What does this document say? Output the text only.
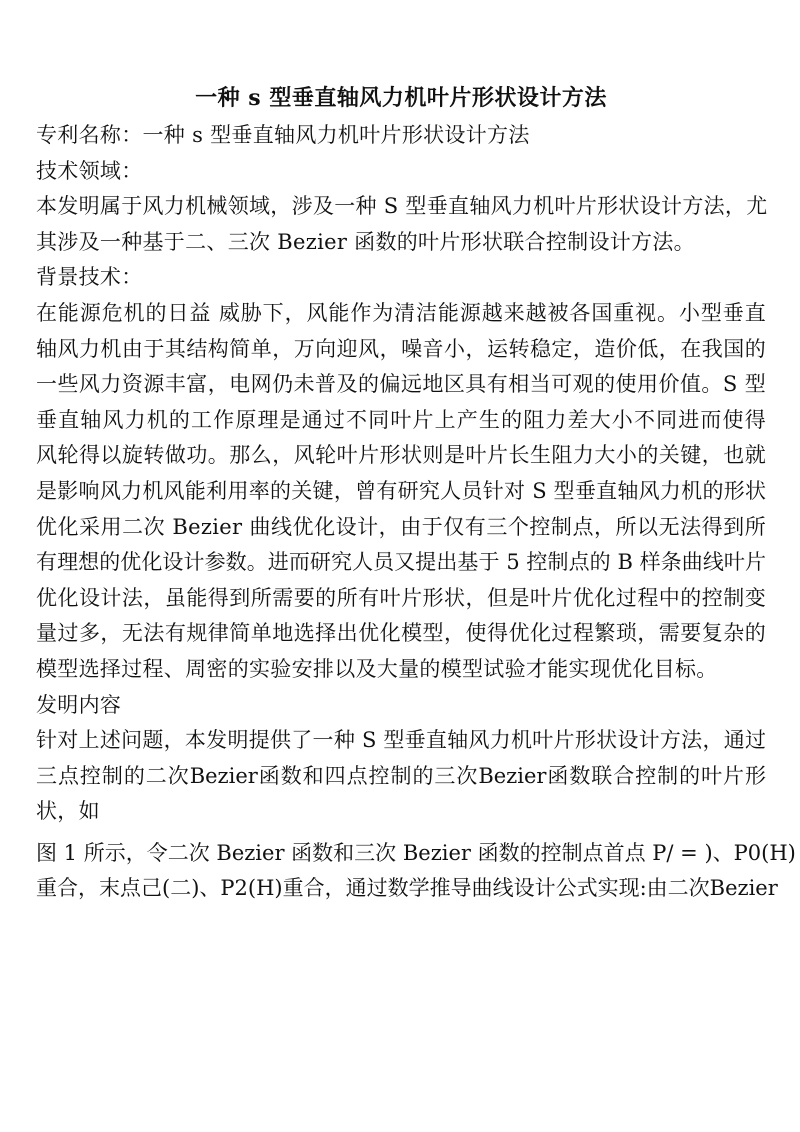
一种 s 型垂直轴风力机叶片形状设计方法

专利名称：一种 s 型垂直轴风力机叶片形状设计方法

技术领域：

本发明属于风力机械领域，涉及一种 S 型垂直轴风力机叶片形状设计方法，尤

其涉及一种基于二、三次 Bezier 函数的叶片形状联合控制设计方法。

背景技术：

在能源危机的日益 威胁下，风能作为清洁能源越来越被各国重视。小型垂直

轴风力机由于其结构简单，万向迎风，噪音小，运转稳定，造价低，在我国的

一些风力资源丰富，电网仍未普及的偏远地区具有相当可观的使用价值。S 型

垂直轴风力机的工作原理是通过不同叶片上产生的阻力差大小不同进而使得

风轮得以旋转做功。那么，风轮叶片形状则是叶片长生阻力大小的关键，也就

是影响风力机风能利用率的关键，曾有研究人员针对 S 型垂直轴风力机的形状

优化采用二次 Bezier 曲线优化设计，由于仅有三个控制点，所以无法得到所

有理想的优化设计参数。进而研究人员又提出基于 5 控制点的 B 样条曲线叶片

优化设计法，虽能得到所需要的所有叶片形状，但是叶片优化过程中的控制变

量过多，无法有规律简单地选择出优化模型，使得优化过程繁琐，需要复杂的

模型选择过程、周密的实验安排以及大量的模型试验才能实现优化目标。

发明内容

针对上述问题，本发明提供了一种 S 型垂直轴风力机叶片形状设计方法，通过

三点控制的二次Bezier函数和四点控制的三次Bezier函数联合控制的叶片形

状，如

图 1 所示，令二次 Bezier 函数和三次 Bezier 函数的控制点首点 P/ = )、P0(H)

重合，末点己(二)、P2(H)重合，通过数学推导曲线设计公式实现:由二次Bezier
